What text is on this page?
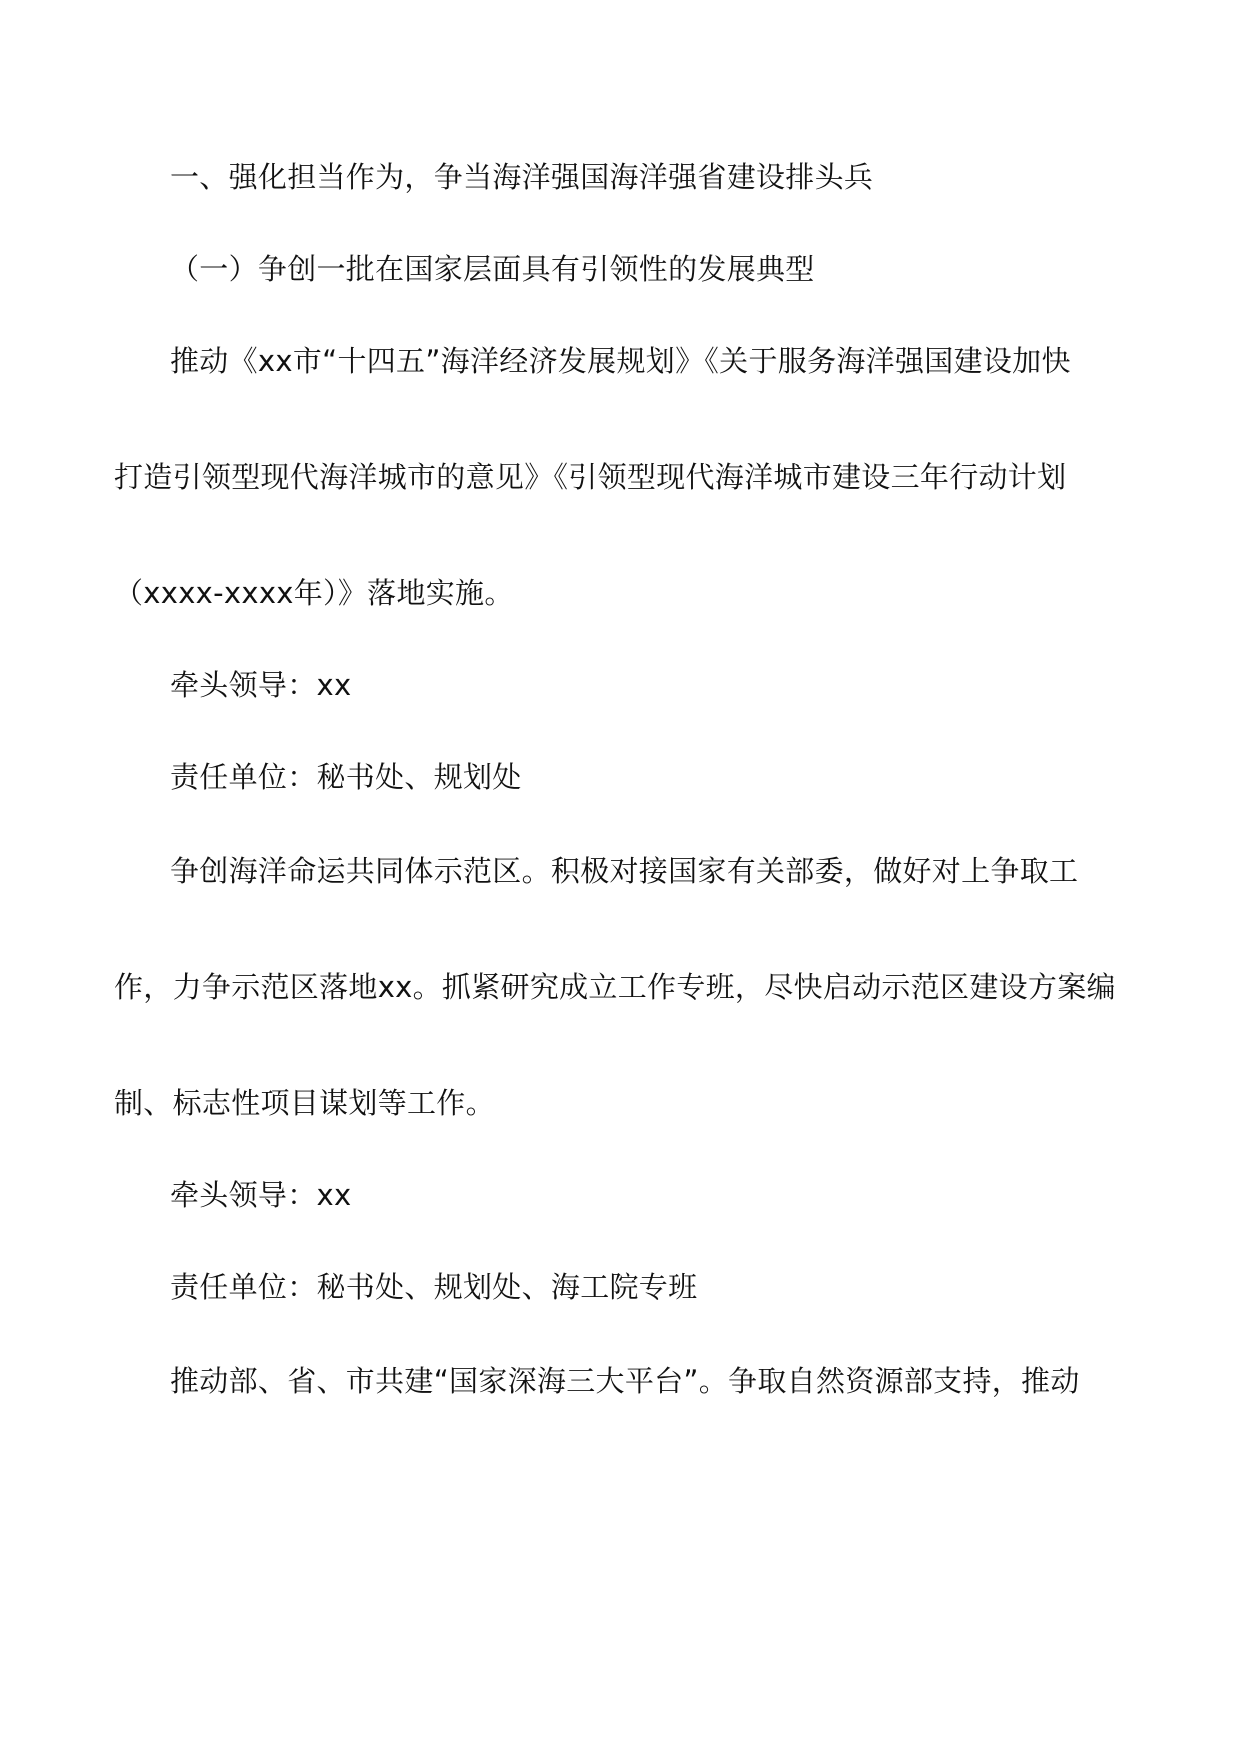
一、强化担当作为，争当海洋强国海洋强省建设排头兵
（一）争创一批在国家层面具有引领性的发展典型
推动《xx市“十四五”海洋经济发展规划》《关于服务海洋强国建设加快
打造引领型现代海洋城市的意见》《引领型现代海洋城市建设三年行动计划
（xxxx-xxxx年）》落地实施。
牵头领导：xx
责任单位：秘书处、规划处
争创海洋命运共同体示范区。积极对接国家有关部委，做好对上争取工
作，力争示范区落地xx。抓紧研究成立工作专班，尽快启动示范区建设方案编
制、标志性项目谋划等工作。
牵头领导：xx
责任单位：秘书处、规划处、海工院专班
推动部、省、市共建“国家深海三大平台”。争取自然资源部支持，推动
